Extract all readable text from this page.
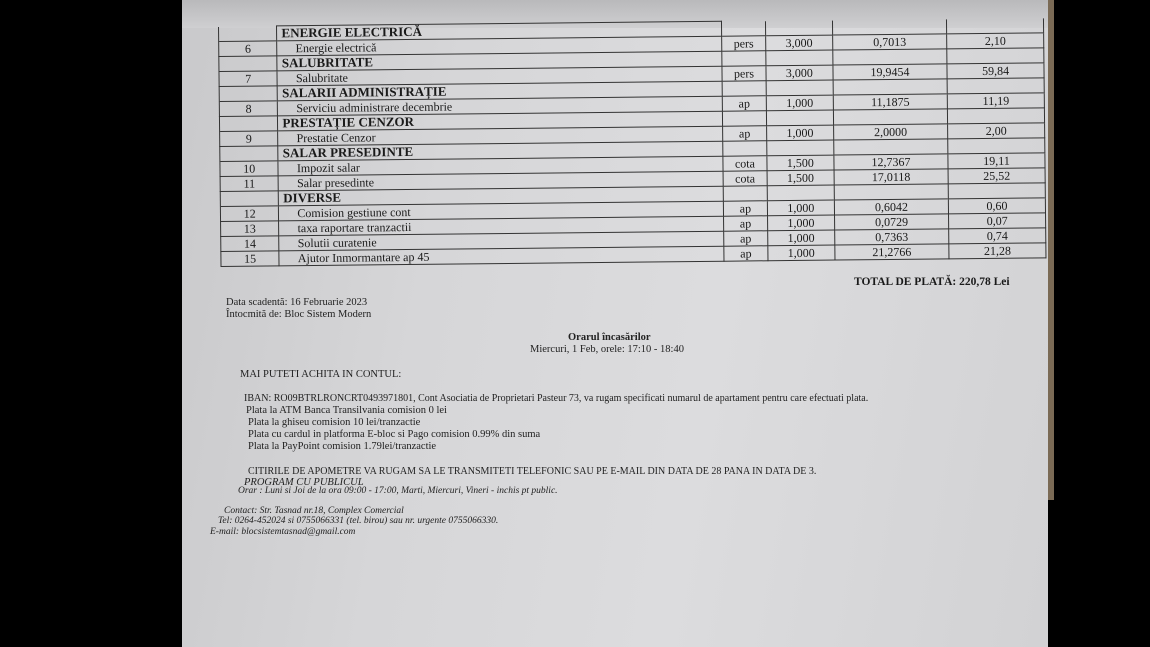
	ENERGIE ELECTRICĂ				
6	Energie electrică	pers	3,000	0,7013	2,10
	SALUBRITATE				
7	Salubritate	pers	3,000	19,9454	59,84
	SALARII ADMINISTRAȚIE				
8	Serviciu administrare decembrie	ap	1,000	11,1875	11,19
	PRESTAȚIE CENZOR				
9	Prestatie Cenzor	ap	1,000	2,0000	2,00
	SALAR PRESEDINTE				
10	Impozit salar	cota	1,500	12,7367	19,11
11	Salar presedinte	cota	1,500	17,0118	25,52
	DIVERSE				
12	Comision gestiune cont	ap	1,000	0,6042	0,60
13	taxa raportare tranzactii	ap	1,000	0,0729	0,07
14	Solutii curatenie	ap	1,000	0,7363	0,74
15	Ajutor Inmormantare ap 45	ap	1,000	21,2766	21,28
TOTAL DE PLATĂ: 220,78 Lei
Data scadentă: 16 Februarie 2023
Întocmită de: Bloc Sistem Modern
Orarul încasărilor
Miercuri, 1 Feb, orele: 17:10 - 18:40
MAI PUTETI ACHITA IN CONTUL:
IBAN: RO09BTRLRONCRT0493971801, Cont Asociatia de Proprietari Pasteur 73, va rugam specificati numarul de apartament pentru care efectuati plata.
Plata la ATM Banca Transilvania comision 0 lei
Plata la ghiseu comision 10 lei/tranzactie
Plata cu cardul in platforma E-bloc si Pago comision 0.99% din suma
Plata la PayPoint comision 1.79lei/tranzactie
CITIRILE DE APOMETRE VA RUGAM SA LE TRANSMITETI TELEFONIC SAU PE E-MAIL DIN DATA DE 28 PANA IN DATA DE 3.
PROGRAM CU PUBLICUL
Orar : Luni si Joi de la ora 09:00 - 17:00, Marti, Miercuri, Vineri - inchis pt public.
Contact: Str. Tasnad nr.18, Complex Comercial
Tel: 0264-452024 si 0755066331 (tel. birou) sau nr. urgente 0755066330.
E-mail: blocsistemtasnad@gmail.com
